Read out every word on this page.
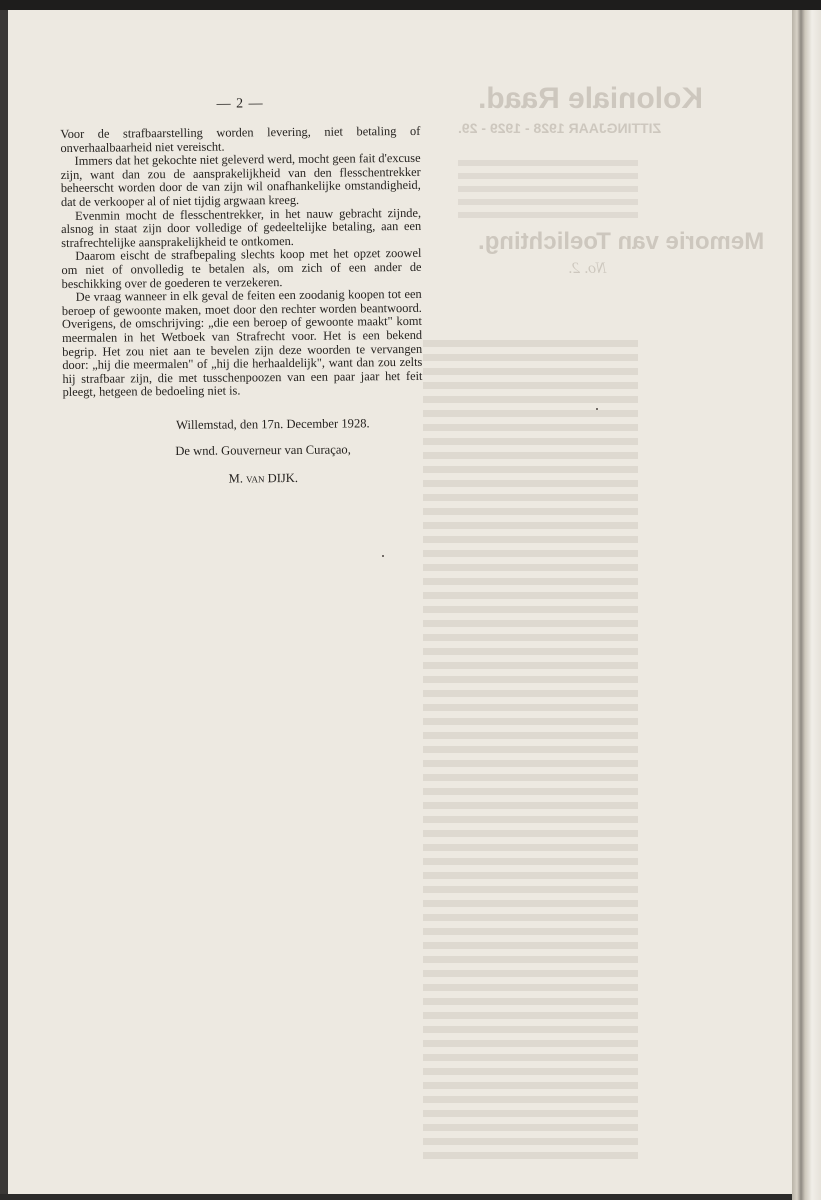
Koloniale Raad.
ZITTINGJAAR 1928 - 1929 - 29.
Memorie van Toelichting.
No. 2.
— 2 —

Voor de strafbaarstelling worden levering, niet betaling of onverhaalbaarheid niet vereischt.

Immers dat het gekochte niet geleverd werd, mocht geen fait d'excuse zijn, want dan zou de aansprakelijkheid van den flesschentrekker beheerscht worden door de van zijn wil onafhankelijke omstandigheid, dat de verkooper al of niet tijdig argwaan kreeg.

Evenmin mocht de flesschentrekker, in het nauw gebracht zijnde, alsnog in staat zijn door volledige of gedeeltelijke betaling, aan een strafrechtelijke aansprakelijkheid te ontkomen.

Daarom eischt de strafbepaling slechts koop met het opzet zoowel om niet of onvolledig te betalen als, om zich of een ander de beschikking over de goederen te verzekeren.

De vraag wanneer in elk geval de feiten een zoodanig koopen tot een beroep of gewoonte maken, moet door den rechter worden beantwoord. Overigens, de omschrijving: „die een beroep of gewoonte maakt" komt meermalen in het Wetboek van Strafrecht voor. Het is een bekend begrip. Het zou niet aan te bevelen zijn deze woorden te vervangen door: „hij die meermalen" of „hij die herhaaldelijk", want dan zou zelts hij strafbaar zijn, die met tusschenpoozen van een paar jaar het feit pleegt, hetgeen de bedoeling niet is.

Willemstad, den 17n. December 1928.

De wnd. Gouverneur van Curaçao,

M. van DIJK.
